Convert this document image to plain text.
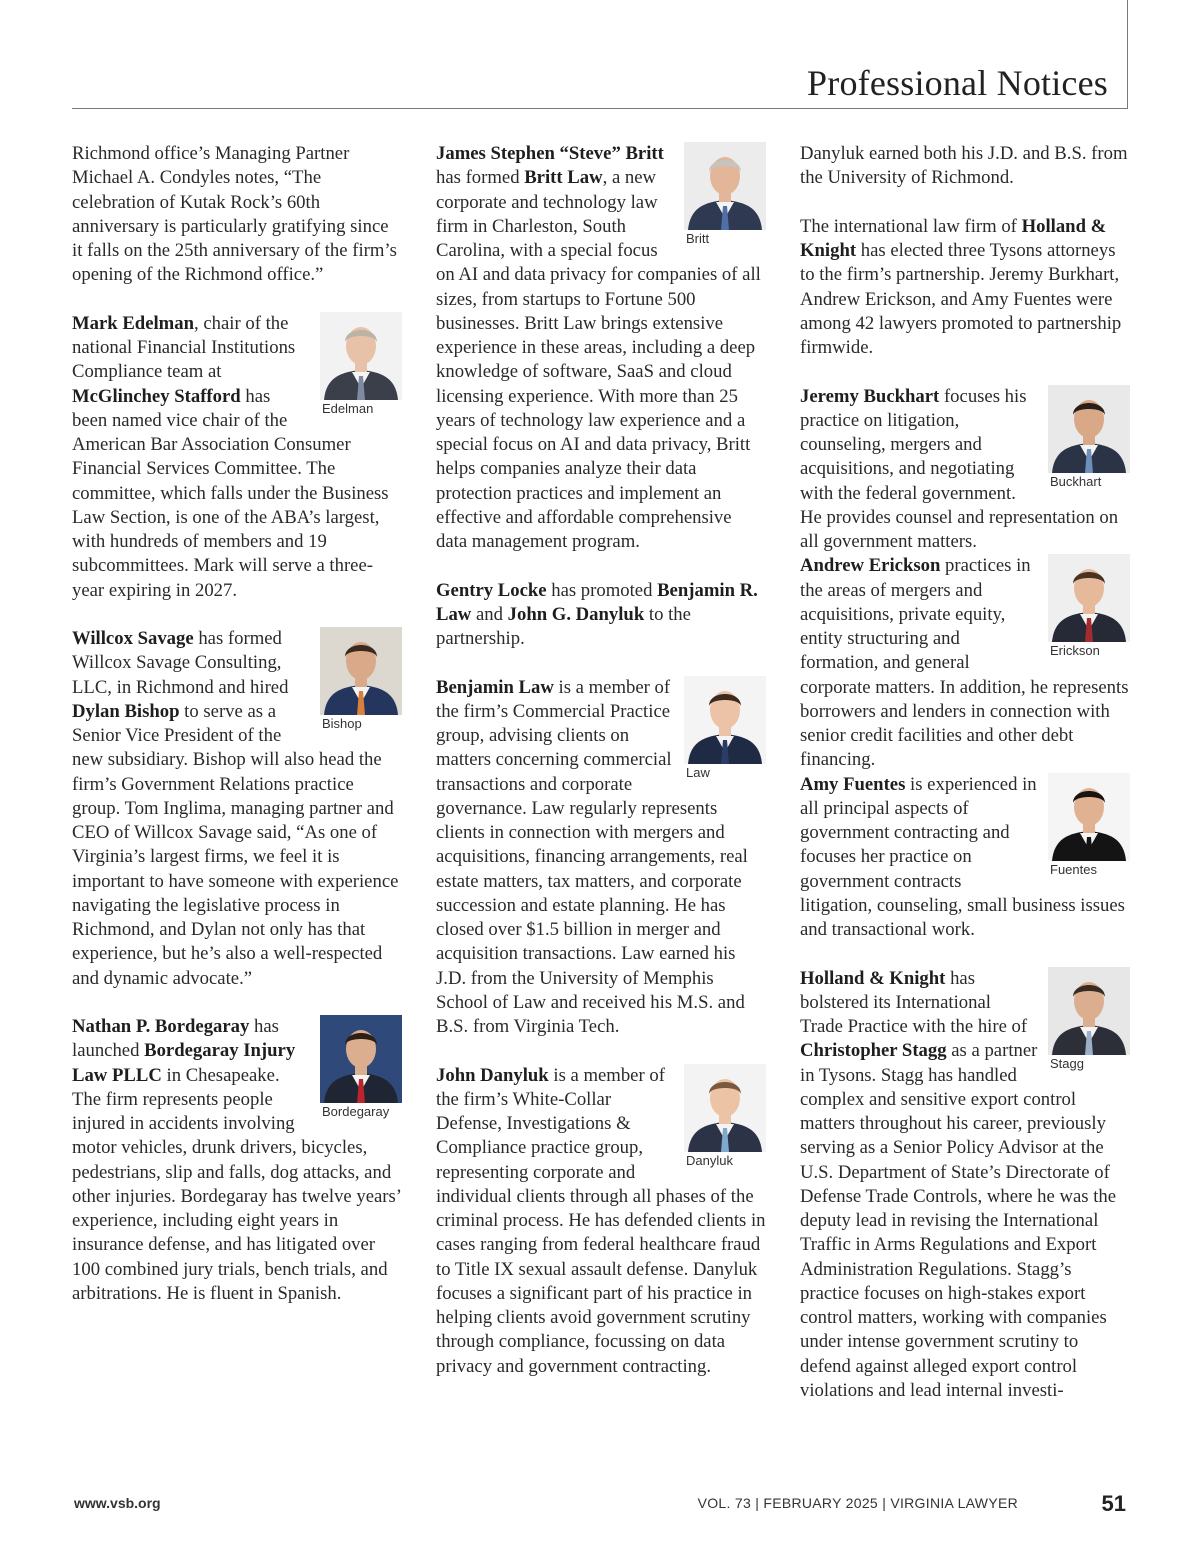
Professional Notices

Richmond office’s Managing Partner Michael A. Condyles notes, “The celebration of Kutak Rock’s 60th anniversary is particularly gratifying since it falls on the 25th anniversary of the firm’s opening of the Richmond office.”

Edelman
Mark Edelman, chair of the national Financial Institutions Compliance team at McGlinchey Stafford has been named vice chair of the American Bar Association Consumer Financial Services Committee. The committee, which falls under the Business Law Section, is one of the ABA’s largest, with hundreds of members and 19 subcommittees. Mark will serve a three-year expiring in 2027.

Bishop
Willcox Savage has formed Willcox Savage Consulting, LLC, in Richmond and hired Dylan Bishop to serve as a Senior Vice President of the new subsidiary. Bishop will also head the firm’s Government Relations practice group. Tom Inglima, managing partner and CEO of Willcox Savage said, “As one of Virginia’s largest firms, we feel it is important to have someone with experience navigating the legislative process in Richmond, and Dylan not only has that experience, but he’s also a well-respected and dynamic advocate.”

Bordegaray
Nathan P. Bordegaray has launched Bordegaray Injury Law PLLC in Chesapeake. The firm represents people injured in accidents involving motor vehicles, drunk drivers, bicycles, pedestrians, slip and falls, dog attacks, and other injuries. Bordegaray has twelve years’ experience, including eight years in insurance defense, and has litigated over 100 combined jury trials, bench trials, and arbitrations. He is fluent in Spanish.

Britt
James Stephen “Steve” Britt has formed Britt Law, a new corporate and technology law firm in Charleston, South Carolina, with a special focus on AI and data privacy for companies of all sizes, from startups to Fortune 500 businesses. Britt Law brings extensive experience in these areas, including a deep knowledge of software, SaaS and cloud licensing experience. With more than 25 years of technology law experience and a special focus on AI and data privacy, Britt helps companies analyze their data protection practices and implement an effective and affordable comprehensive data management program.

Gentry Locke has promoted Benjamin R. Law and John G. Danyluk to the partnership.

Law
Benjamin Law is a member of the firm’s Commercial Practice group, advising clients on matters concerning commercial transactions and corporate governance. Law regularly represents clients in connection with mergers and acquisitions, financing arrangements, real estate matters, tax matters, and corporate succession and estate planning. He has closed over $1.5 billion in merger and acquisition transactions. Law earned his J.D. from the University of Memphis School of Law and received his M.S. and B.S. from Virginia Tech.

Danyluk
John Danyluk is a member of the firm’s White-Collar Defense, Investigations & Compliance practice group, representing corporate and individual clients through all phases of the criminal process. He has defended clients in cases ranging from federal healthcare fraud to Title IX sexual assault defense. Danyluk focuses a significant part of his practice in helping clients avoid government scrutiny through compliance, focussing on data privacy and government contracting.

Danyluk earned both his J.D. and B.S. from the University of Richmond.

The international law firm of Holland & Knight has elected three Tysons attorneys to the firm’s partnership. Jeremy Burkhart, Andrew Erickson, and Amy Fuentes were among 42 lawyers promoted to partnership firmwide.

Buckhart
Jeremy Buckhart focuses his practice on litigation, counseling, mergers and acquisitions, and negotiating with the federal government. He provides counsel and representation on all government matters.

Erickson
Andrew Erickson practices in the areas of mergers and acquisitions, private equity, entity structuring and formation, and general corporate matters. In addition, he represents borrowers and lenders in connection with senior credit facilities and other debt financing.

Fuentes
Amy Fuentes is experienced in all principal aspects of government contracting and focuses her practice on government contracts litigation, counseling, small business issues and transactional work.

Stagg
Holland & Knight has bolstered its International Trade Practice with the hire of Christopher Stagg as a partner in Tysons. Stagg has handled complex and sensitive export control matters throughout his career, previously serving as a Senior Policy Advisor at the U.S. Department of State’s Directorate of Defense Trade Controls, where he was the deputy lead in revising the International Traffic in Arms Regulations and Export Administration Regulations. Stagg’s practice focuses on high-stakes export control matters, working with companies under intense government scrutiny to defend against alleged export control violations and lead internal investi-

www.vsb.org	VOL. 73 | FEBRUARY 2025 | VIRGINIA LAWYER	51
